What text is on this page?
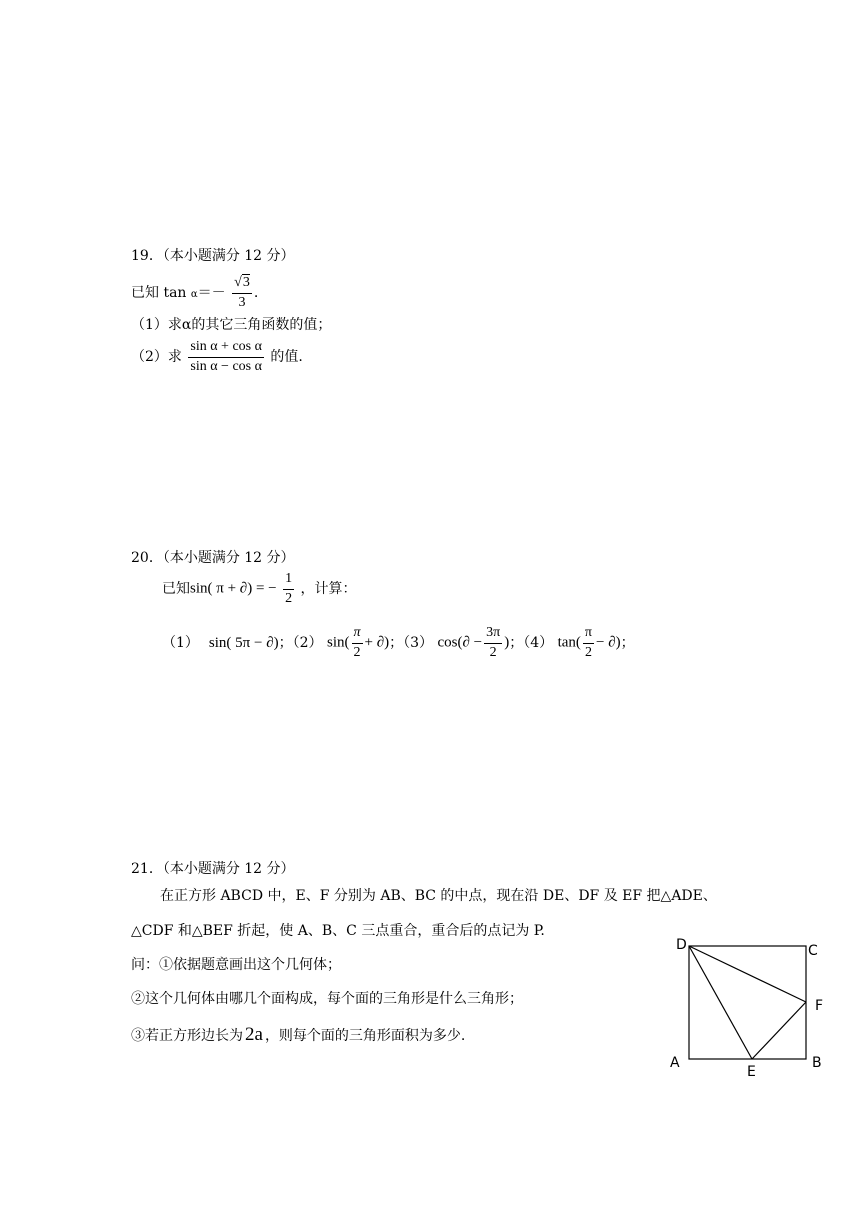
19．（本小题满分 12 分）
已知 $\tan \alpha=- \frac{√3}{3}$ .
（1）求α的其它三角函数的值；
（2）求 $\frac{\text{sin α + cos α}}{\text{sin α − cos α}}$ 的值.
20．（本小题满分 12 分）
已知sin( π + ∂) = − $\frac{1}{2}$ ，计算：
（1） sin( 5π − ∂)；（2） $\sin( \frac{\pi}{2}$ + ∂)；（3） $\cos(\partial - \frac{3\pi}{2}$ )；（4） $\tan( \frac{\pi}{2}$ − ∂)；
21．（本小题满分 12 分）
在正方形 ABCD 中，E、F 分别为 AB、BC 的中点，现在沿 DE、DF 及 EF 把△ADE、
△CDF 和△BEF 折起，使 A、B、C 三点重合，重合后的点记为 P.
问：①依据题意画出这个几何体；
②这个几何体由哪几个面构成，每个面的三角形是什么三角形；
③若正方形边长为 2a ，则每个面的三角形面积为多少.
D	C
F
A	B
E
